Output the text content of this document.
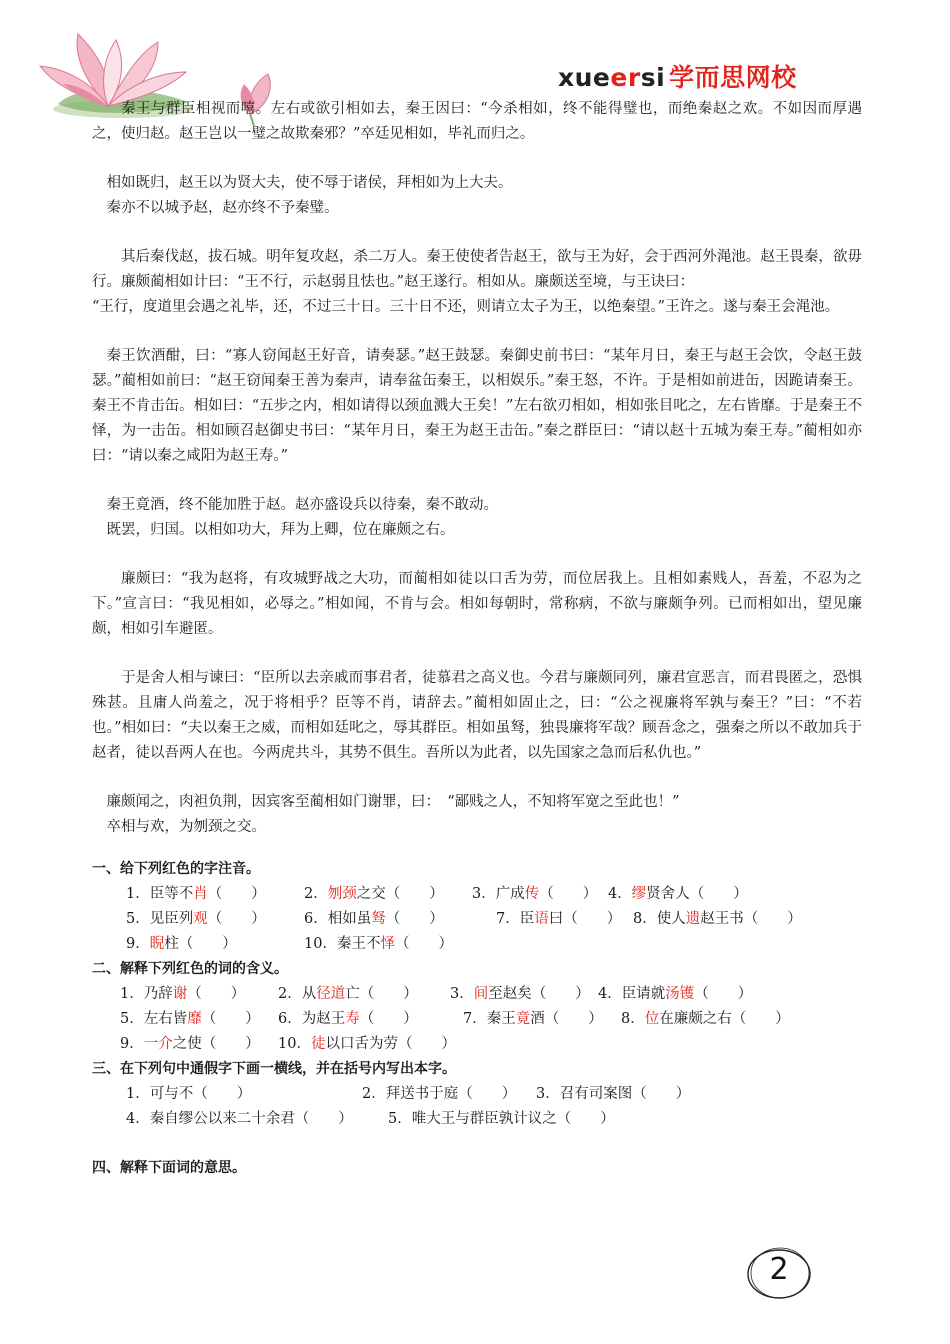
xueersi 学而思网校

秦王与群臣相视而嘻。左右或欲引相如去，秦王因曰：“今杀相如，终不能得璧也，而绝秦赵之欢。不如因而厚遇之，使归赵。赵王岂以一璧之故欺秦邪？”卒廷见相如，毕礼而归之。

相如既归，赵王以为贤大夫，使不辱于诸侯，拜相如为上大夫。

秦亦不以城予赵，赵亦终不予秦璧。

其后秦伐赵，拔石城。明年复攻赵，杀二万人。秦王使使者告赵王，欲与王为好，会于西河外渑池。赵王畏秦，欲毋行。廉颇蔺相如计曰：“王不行，示赵弱且怯也。”赵王遂行。相如从。廉颇送至境，与王诀曰：

“王行，度道里会遇之礼毕，还，不过三十日。三十日不还，则请立太子为王，以绝秦望。”王许之。遂与秦王会渑池。

秦王饮酒酣，曰：“寡人窃闻赵王好音，请奏瑟。”赵王鼓瑟。秦御史前书曰：“某年月日，秦王与赵王会饮，令赵王鼓瑟。”蔺相如前曰：“赵王窃闻秦王善为秦声，请奉盆缶秦王，以相娱乐。”秦王怒，不许。于是相如前进缶，因跪请秦王。秦王不肯击缶。相如曰：“五步之内，相如请得以颈血溅大王矣！”左右欲刃相如，相如张目叱之，左右皆靡。于是秦王不怿，为一击缶。相如顾召赵御史书曰：“某年月日，秦王为赵王击缶。”秦之群臣曰：“请以赵十五城为秦王寿。”蔺相如亦曰：“请以秦之咸阳为赵王寿。”

秦王竟酒，终不能加胜于赵。赵亦盛设兵以待秦，秦不敢动。

既罢，归国。以相如功大，拜为上卿，位在廉颇之右。

廉颇曰：“我为赵将，有攻城野战之大功，而蔺相如徒以口舌为劳，而位居我上。且相如素贱人，吾羞，不忍为之下。”宣言曰：“我见相如，必辱之。”相如闻，不肯与会。相如每朝时，常称病，不欲与廉颇争列。已而相如出，望见廉颇，相如引车避匿。

于是舍人相与谏曰：“臣所以去亲戚而事君者，徒慕君之高义也。今君与廉颇同列，廉君宣恶言，而君畏匿之，恐惧殊甚。且庸人尚羞之，况于将相乎？臣等不肖，请辞去。”蔺相如固止之，曰：“公之视廉将军孰与秦王？”曰：“不若也。”相如曰：“夫以秦王之威，而相如廷叱之，辱其群臣。相如虽驽，独畏廉将军哉？顾吾念之，强秦之所以不敢加兵于赵者，徒以吾两人在也。今两虎共斗，其势不俱生。吾所以为此者，以先国家之急而后私仇也。”

廉颇闻之，肉袒负荆，因宾客至蔺相如门谢罪，曰：　“鄙贱之人，不知将军宽之至此也！”

卒相与欢，为刎颈之交。

一、给下列红色的字注音。

1．臣等不肖（　　）	2．刎颈之交（　　） 3．广成传（　　） 4．缪贤舍人（　　）

5．见臣列观（　　）	6．相如虽驽（　　）	7．臣语曰（　　） 8．使人遗赵王书（　　）

9．睨柱（　　）	10．秦王不怿（　　）

二、解释下列红色的词的含义。

1．乃辞谢（　　） 2．从径道亡（　　） 3．间至赵矣（　　） 4．臣请就汤镬（　　）

5．左右皆靡（　　） 6．为赵王寿（　　）	7．秦王竟酒（　　） 8．位在廉颇之右（　　）

9．一介之使（　　） 10．徒以口舌为劳（　　）

三、在下列句中通假字下画一横线，并在括号内写出本字。

1．可与不（　　）	2．拜送书于庭（　　） 3．召有司案图（　　）

4．秦自缪公以来二十余君（　　） 5．唯大王与群臣孰计议之（　　）

四、解释下面词的意思。

2
